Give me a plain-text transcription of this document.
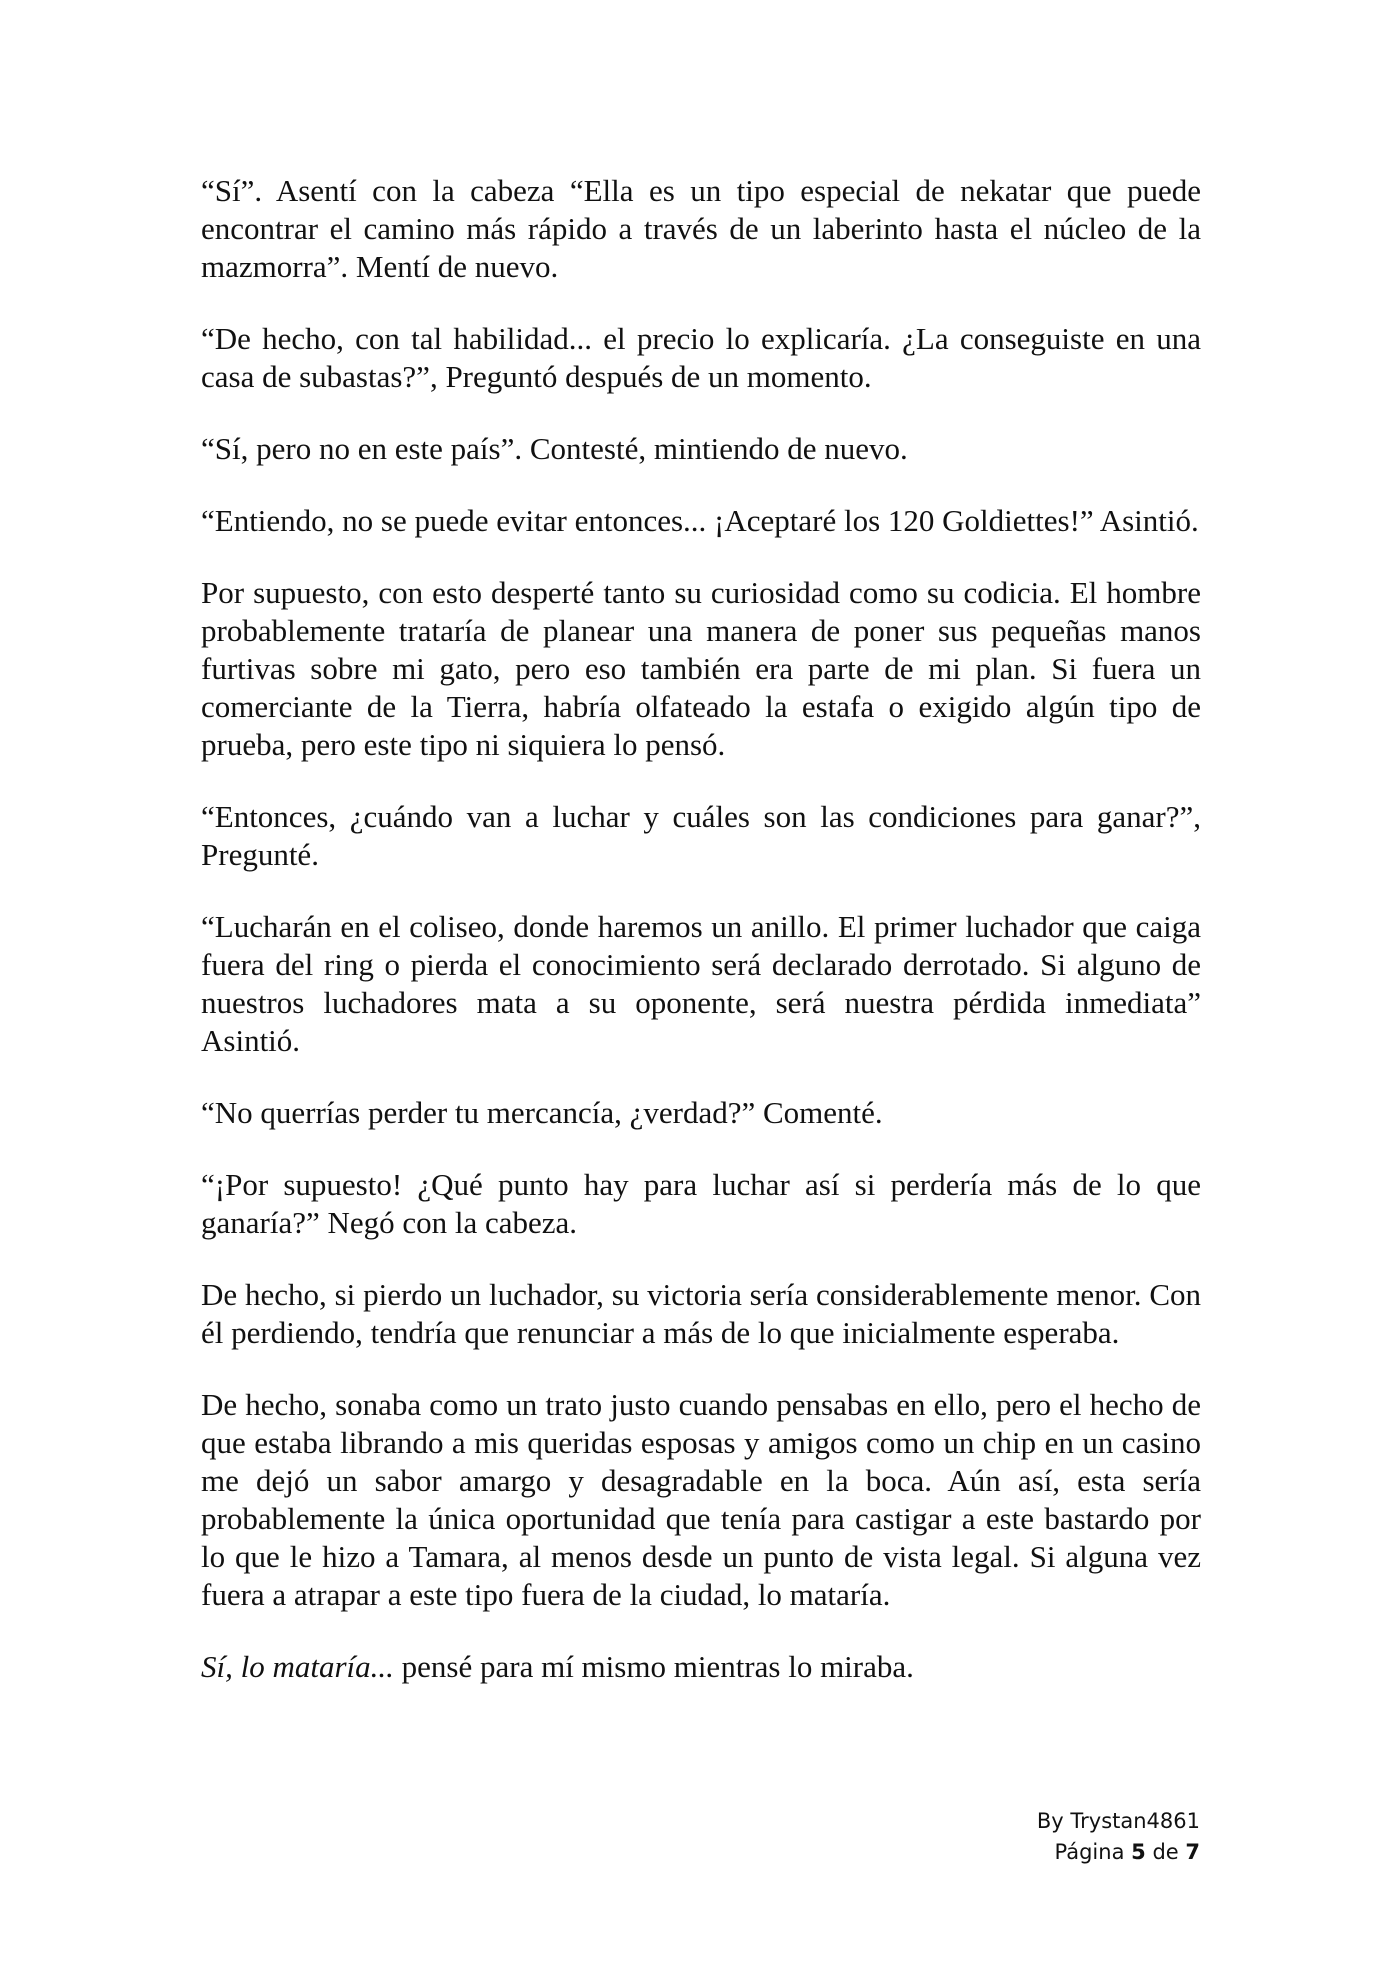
“Sí”. Asentí con la cabeza “Ella es un tipo especial de nekatar que puede encontrar el camino más rápido a través de un laberinto hasta el núcleo de la mazmorra”. Mentí de nuevo.

“De hecho, con tal habilidad... el precio lo explicaría. ¿La conseguiste en una casa de subastas?”, Preguntó después de un momento.

“Sí, pero no en este país”. Contesté, mintiendo de nuevo.

“Entiendo, no se puede evitar entonces... ¡Aceptaré los 120 Goldiettes!” Asintió.

Por supuesto, con esto desperté tanto su curiosidad como su codicia. El hombre probablemente trataría de planear una manera de poner sus pequeñas manos furtivas sobre mi gato, pero eso también era parte de mi plan. Si fuera un comerciante de la Tierra, habría olfateado la estafa o exigido algún tipo de prueba, pero este tipo ni siquiera lo pensó.

“Entonces, ¿cuándo van a luchar y cuáles son las condiciones para ganar?”, Pregunté.

“Lucharán en el coliseo, donde haremos un anillo. El primer luchador que caiga fuera del ring o pierda el conocimiento será declarado derrotado. Si alguno de nuestros luchadores mata a su oponente, será nuestra pérdida inmediata” Asintió.

“No querrías perder tu mercancía, ¿verdad?” Comenté.

“¡Por supuesto! ¿Qué punto hay para luchar así si perdería más de lo que ganaría?” Negó con la cabeza.

De hecho, si pierdo un luchador, su victoria sería considerablemente menor. Con él perdiendo, tendría que renunciar a más de lo que inicialmente esperaba.

De hecho, sonaba como un trato justo cuando pensabas en ello, pero el hecho de que estaba librando a mis queridas esposas y amigos como un chip en un casino me dejó un sabor amargo y desagradable en la boca. Aún así, esta sería probablemente la única oportunidad que tenía para castigar a este bastardo por lo que le hizo a Tamara, al menos desde un punto de vista legal. Si alguna vez fuera a atrapar a este tipo fuera de la ciudad, lo mataría.

Sí, lo mataría... pensé para mí mismo mientras lo miraba.

By Trystan4861
Página 5 de 7
